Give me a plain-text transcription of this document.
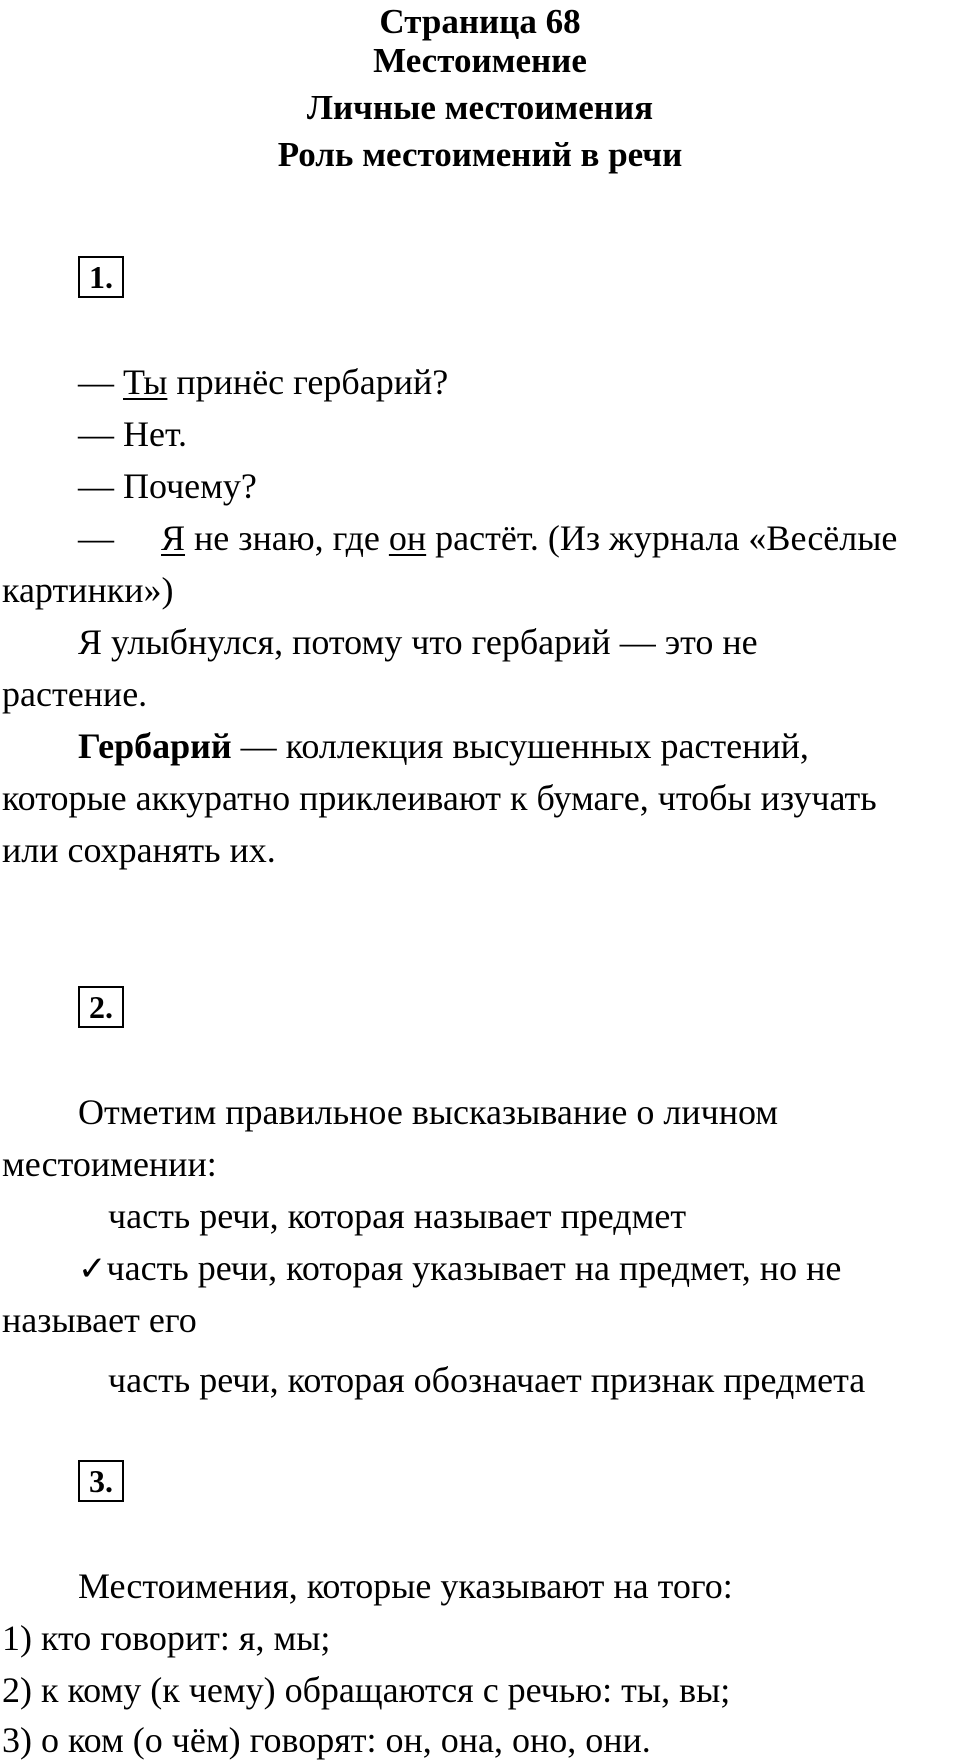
Страница 68
Местоимение
Личные местоимения
Роль местоимений в речи
1.
— Ты принёс гербарий?
— Нет.
— Почему?
— Я не знаю, где он растёт. (Из журнала «Весёлые
картинки»)
Я улыбнулся, потому что гербарий — это не
растение.
Гербарий — коллекция высушенных растений,
которые аккуратно приклеивают к бумаге, чтобы изучать
или сохранять их.
2.
Отметим правильное высказывание о личном
местоимении:
часть речи, которая называет предмет
✓часть речи, которая указывает на предмет, но не
называет его
часть речи, которая обозначает признак предмета
3.
Местоимения, которые указывают на того:
1) кто говорит: я, мы;
2) к кому (к чему) обращаются с речью: ты, вы;
3) о ком (о чём) говорят: он, она, оно, они.
